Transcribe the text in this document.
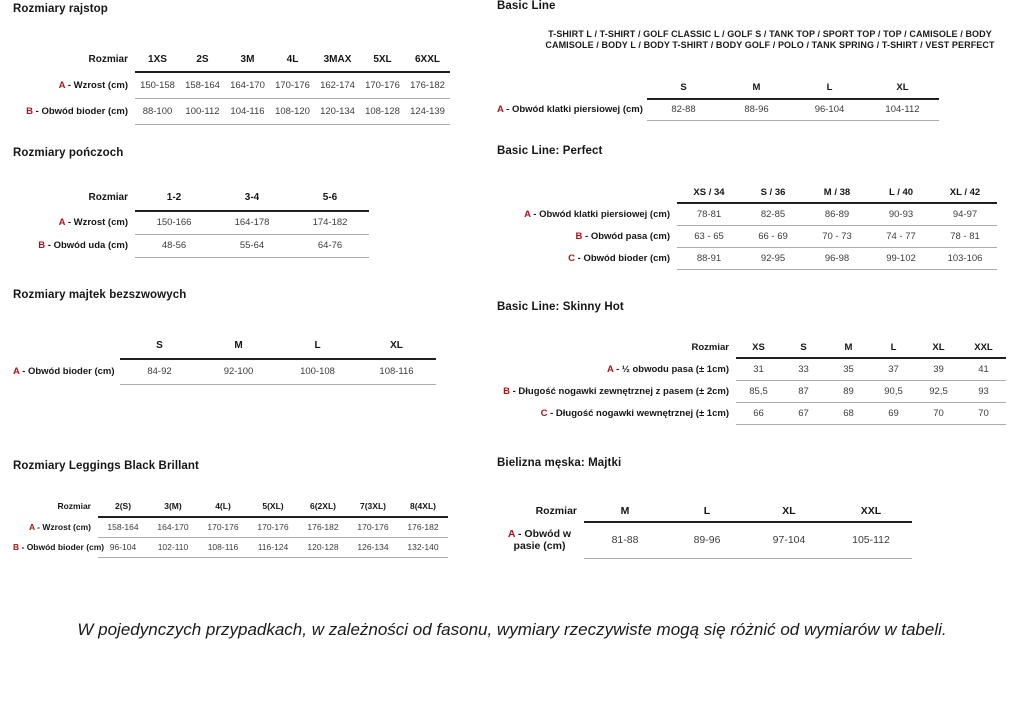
Rozmiary rajstop
Rozmiar	1XS	2S	3M	4L	3MAX	5XL	6XXL
A - Wzrost (cm)	150-158	158-164	164-170	170-176	162-174	170-176	176-182
B - Obwód bioder (cm)	88-100	100-112	104-116	108-120	120-134	108-128	124-139
Rozmiary pończoch
Rozmiar	1-2	3-4	5-6
A - Wzrost (cm)	150-166	164-178	174-182
B - Obwód uda (cm)	48-56	55-64	64-76
Rozmiary majtek bezszwowych
	S	M	L	XL
A - Obwód bioder (cm)	84-92	92-100	100-108	108-116
Rozmiary Leggings Black Brillant
Rozmiar	2(S)	3(M)	4(L)	5(XL)	6(2XL)	7(3XL)	8(4XL)
A - Wzrost (cm)	158-164	164-170	170-176	170-176	176-182	170-176	176-182
B - Obwód bioder (cm)	96-104	102-110	108-116	116-124	120-128	126-134	132-140
Basic Line

T-SHIRT L / T-SHIRT / GOLF CLASSIC L / GOLF S / TANK TOP / SPORT TOP / TOP / CAMISOLE / BODY CAMISOLE / BODY L / BODY T-SHIRT / BODY GOLF / POLO / TANK SPRING / T-SHIRT / VEST PERFECT

	S	M	L	XL
A - Obwód klatki piersiowej (cm)	82-88	88-96	96-104	104-112
Basic Line: Perfect
	XS / 34	S / 36	M / 38	L / 40	XL / 42
A - Obwód klatki piersiowej (cm)	78-81	82-85	86-89	90-93	94-97
B - Obwód pasa (cm)	63 - 65	66 - 69	70 - 73	74 - 77	78 - 81
C - Obwód bioder (cm)	88-91	92-95	96-98	99-102	103-106
Basic Line: Skinny Hot
Rozmiar	XS	S	M	L	XL	XXL
A - ½ obwodu pasa (± 1cm)	31	33	35	37	39	41
B - Długość nogawki zewnętrznej z pasem (± 2cm)	85,5	87	89	90,5	92,5	93
C - Długość nogawki wewnętrznej (± 1cm)	66	67	68	69	70	70
Bielizna męska: Majtki
Rozmiar	M	L	XL	XXL
A - Obwód w pasie (cm)	81-88	89-96	97-104	105-112

W pojedynczych przypadkach, w zależności od fasonu, wymiary rzeczywiste mogą się różnić od wymiarów w tabeli.
